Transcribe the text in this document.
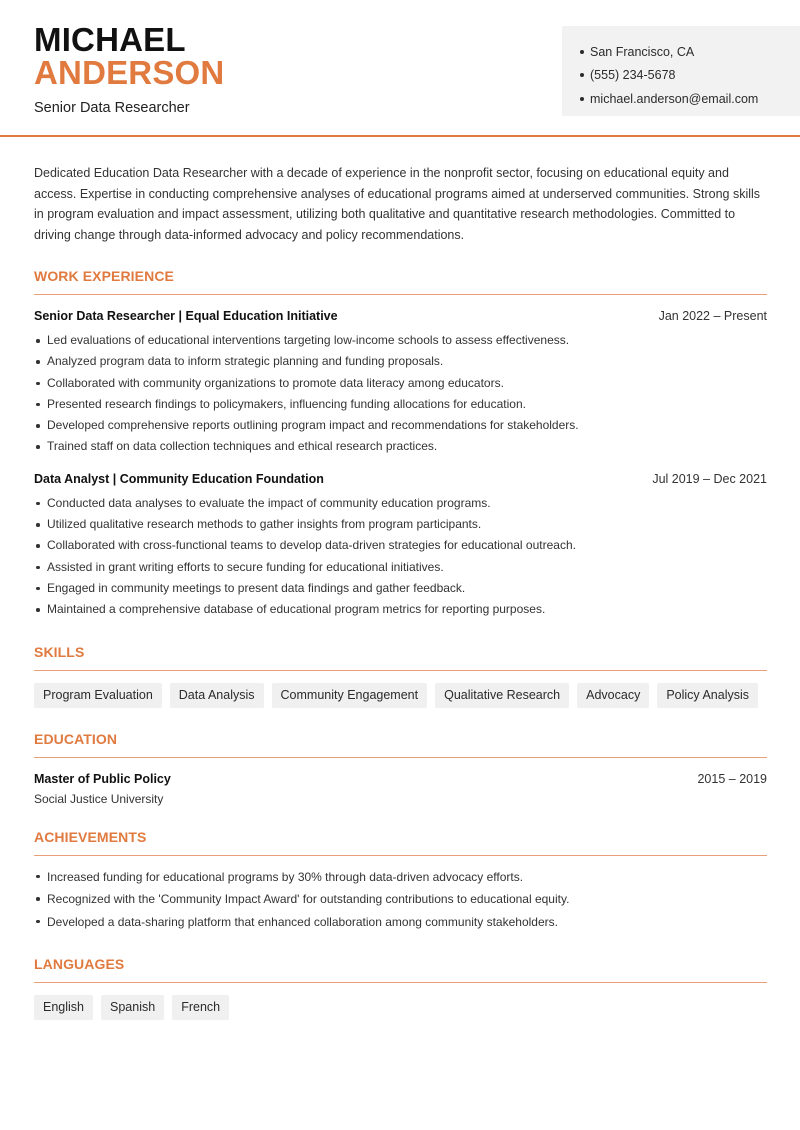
MICHAEL
ANDERSON
Senior Data Researcher
San Francisco, CA
(555) 234-5678
michael.anderson@email.com

Dedicated Education Data Researcher with a decade of experience in the nonprofit sector, focusing on educational equity and access. Expertise in conducting comprehensive analyses of educational programs aimed at underserved communities. Strong skills in program evaluation and impact assessment, utilizing both qualitative and quantitative research methodologies. Committed to driving change through data-informed advocacy and policy recommendations.

WORK EXPERIENCE
Senior Data Researcher | Equal Education Initiative	Jan 2022 – Present
Led evaluations of educational interventions targeting low-income schools to assess effectiveness.
Analyzed program data to inform strategic planning and funding proposals.
Collaborated with community organizations to promote data literacy among educators.
Presented research findings to policymakers, influencing funding allocations for education.
Developed comprehensive reports outlining program impact and recommendations for stakeholders.
Trained staff on data collection techniques and ethical research practices.
Data Analyst | Community Education Foundation	Jul 2019 – Dec 2021
Conducted data analyses to evaluate the impact of community education programs.
Utilized qualitative research methods to gather insights from program participants.
Collaborated with cross-functional teams to develop data-driven strategies for educational outreach.
Assisted in grant writing efforts to secure funding for educational initiatives.
Engaged in community meetings to present data findings and gather feedback.
Maintained a comprehensive database of educational program metrics for reporting purposes.
SKILLS
Program Evaluation	Data Analysis	Community Engagement	Qualitative Research	Advocacy	Policy Analysis
EDUCATION
Master of Public Policy	2015 – 2019
Social Justice University
ACHIEVEMENTS
Increased funding for educational programs by 30% through data-driven advocacy efforts.
Recognized with the 'Community Impact Award' for outstanding contributions to educational equity.
Developed a data-sharing platform that enhanced collaboration among community stakeholders.
LANGUAGES
English	Spanish	French
